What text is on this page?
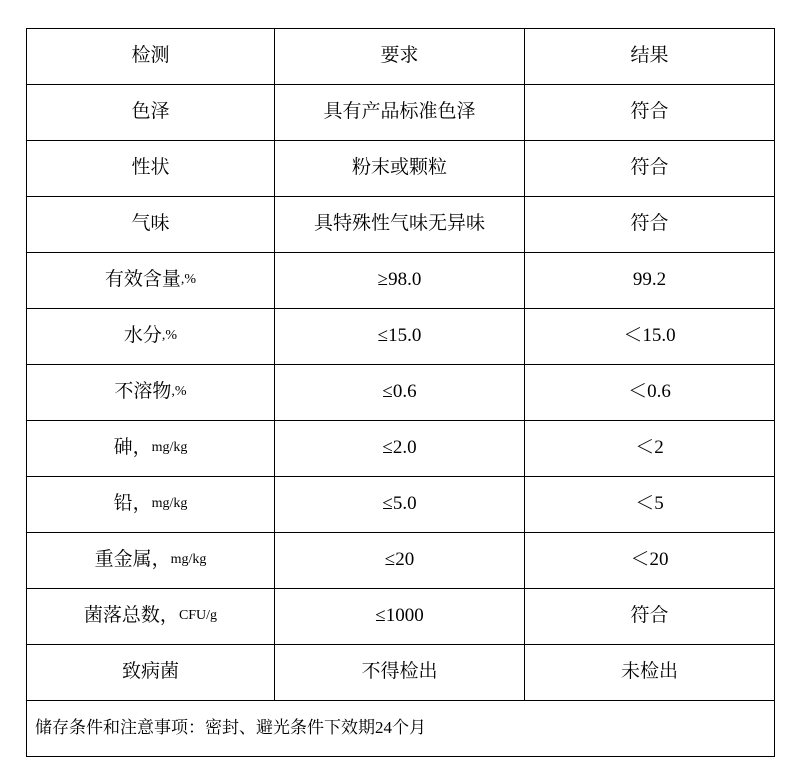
检测	要求	结果

色泽	具有产品标准色泽	符合

性状	粉末或颗粒	符合

气味	具特殊性气味无异味	符合

有效含量 ,%	≥98.0	99.2

水分 ,%	≤15.0	＜15.0

不溶物 ,%	≤0.6	＜0.6

砷， mg/kg	≤2.0	＜2

铅， mg/kg	≤5.0	＜5

重金属， mg/kg	≤20	＜20

菌落总数， CFU/g	≤1000	符合

致病菌	不得检出	未检出

储存条件和注意事项：密封、避光条件下效期24个月		
